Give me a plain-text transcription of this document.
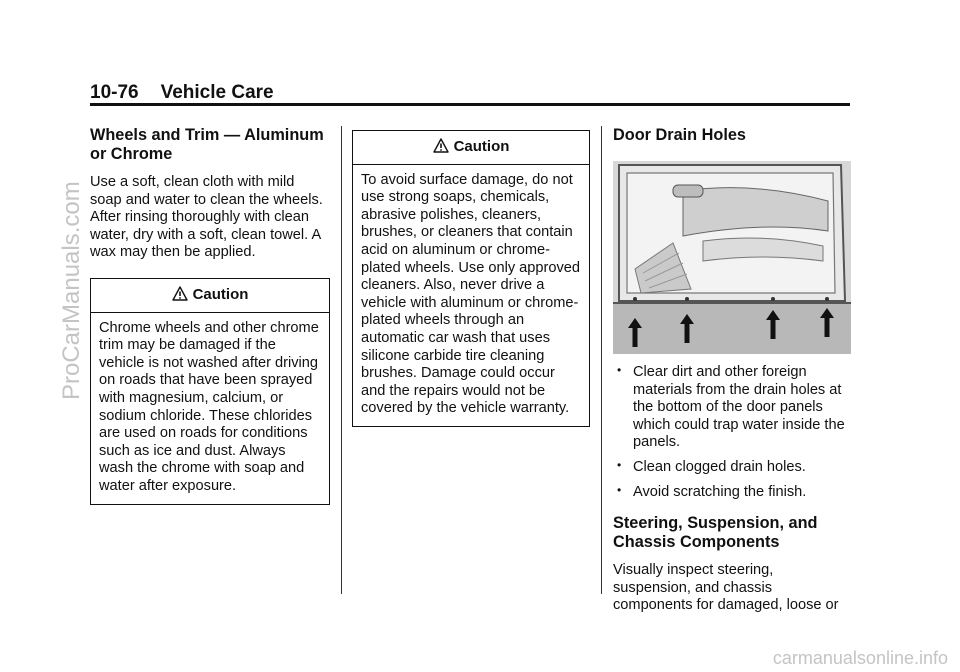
10-76 Vehicle Care
ProCarManuals.com
Wheels and Trim — Aluminum or Chrome

Use a soft, clean cloth with mild soap and water to clean the wheels. After rinsing thoroughly with clean water, dry with a soft, clean towel. A wax may then be applied.

Caution
Chrome wheels and other chrome trim may be damaged if the vehicle is not washed after driving on roads that have been sprayed with magnesium, calcium, or sodium chloride. These chlorides are used on roads for conditions such as ice and dust. Always wash the chrome with soap and water after exposure.
Caution
To avoid surface damage, do not use strong soaps, chemicals, abrasive polishes, cleaners, brushes, or cleaners that contain acid on aluminum or chrome-plated wheels. Use only approved cleaners. Also, never drive a vehicle with aluminum or chrome-plated wheels through an automatic car wash that uses silicone carbide tire cleaning brushes. Damage could occur and the repairs would not be covered by the vehicle warranty.
Door Drain Holes
• Clear dirt and other foreign materials from the drain holes at the bottom of the door panels which could trap water inside the panels.
• Clean clogged drain holes.
• Avoid scratching the finish.
Steering, Suspension, and Chassis Components

Visually inspect steering, suspension, and chassis components for damaged, loose or

carmanualsonline.info
